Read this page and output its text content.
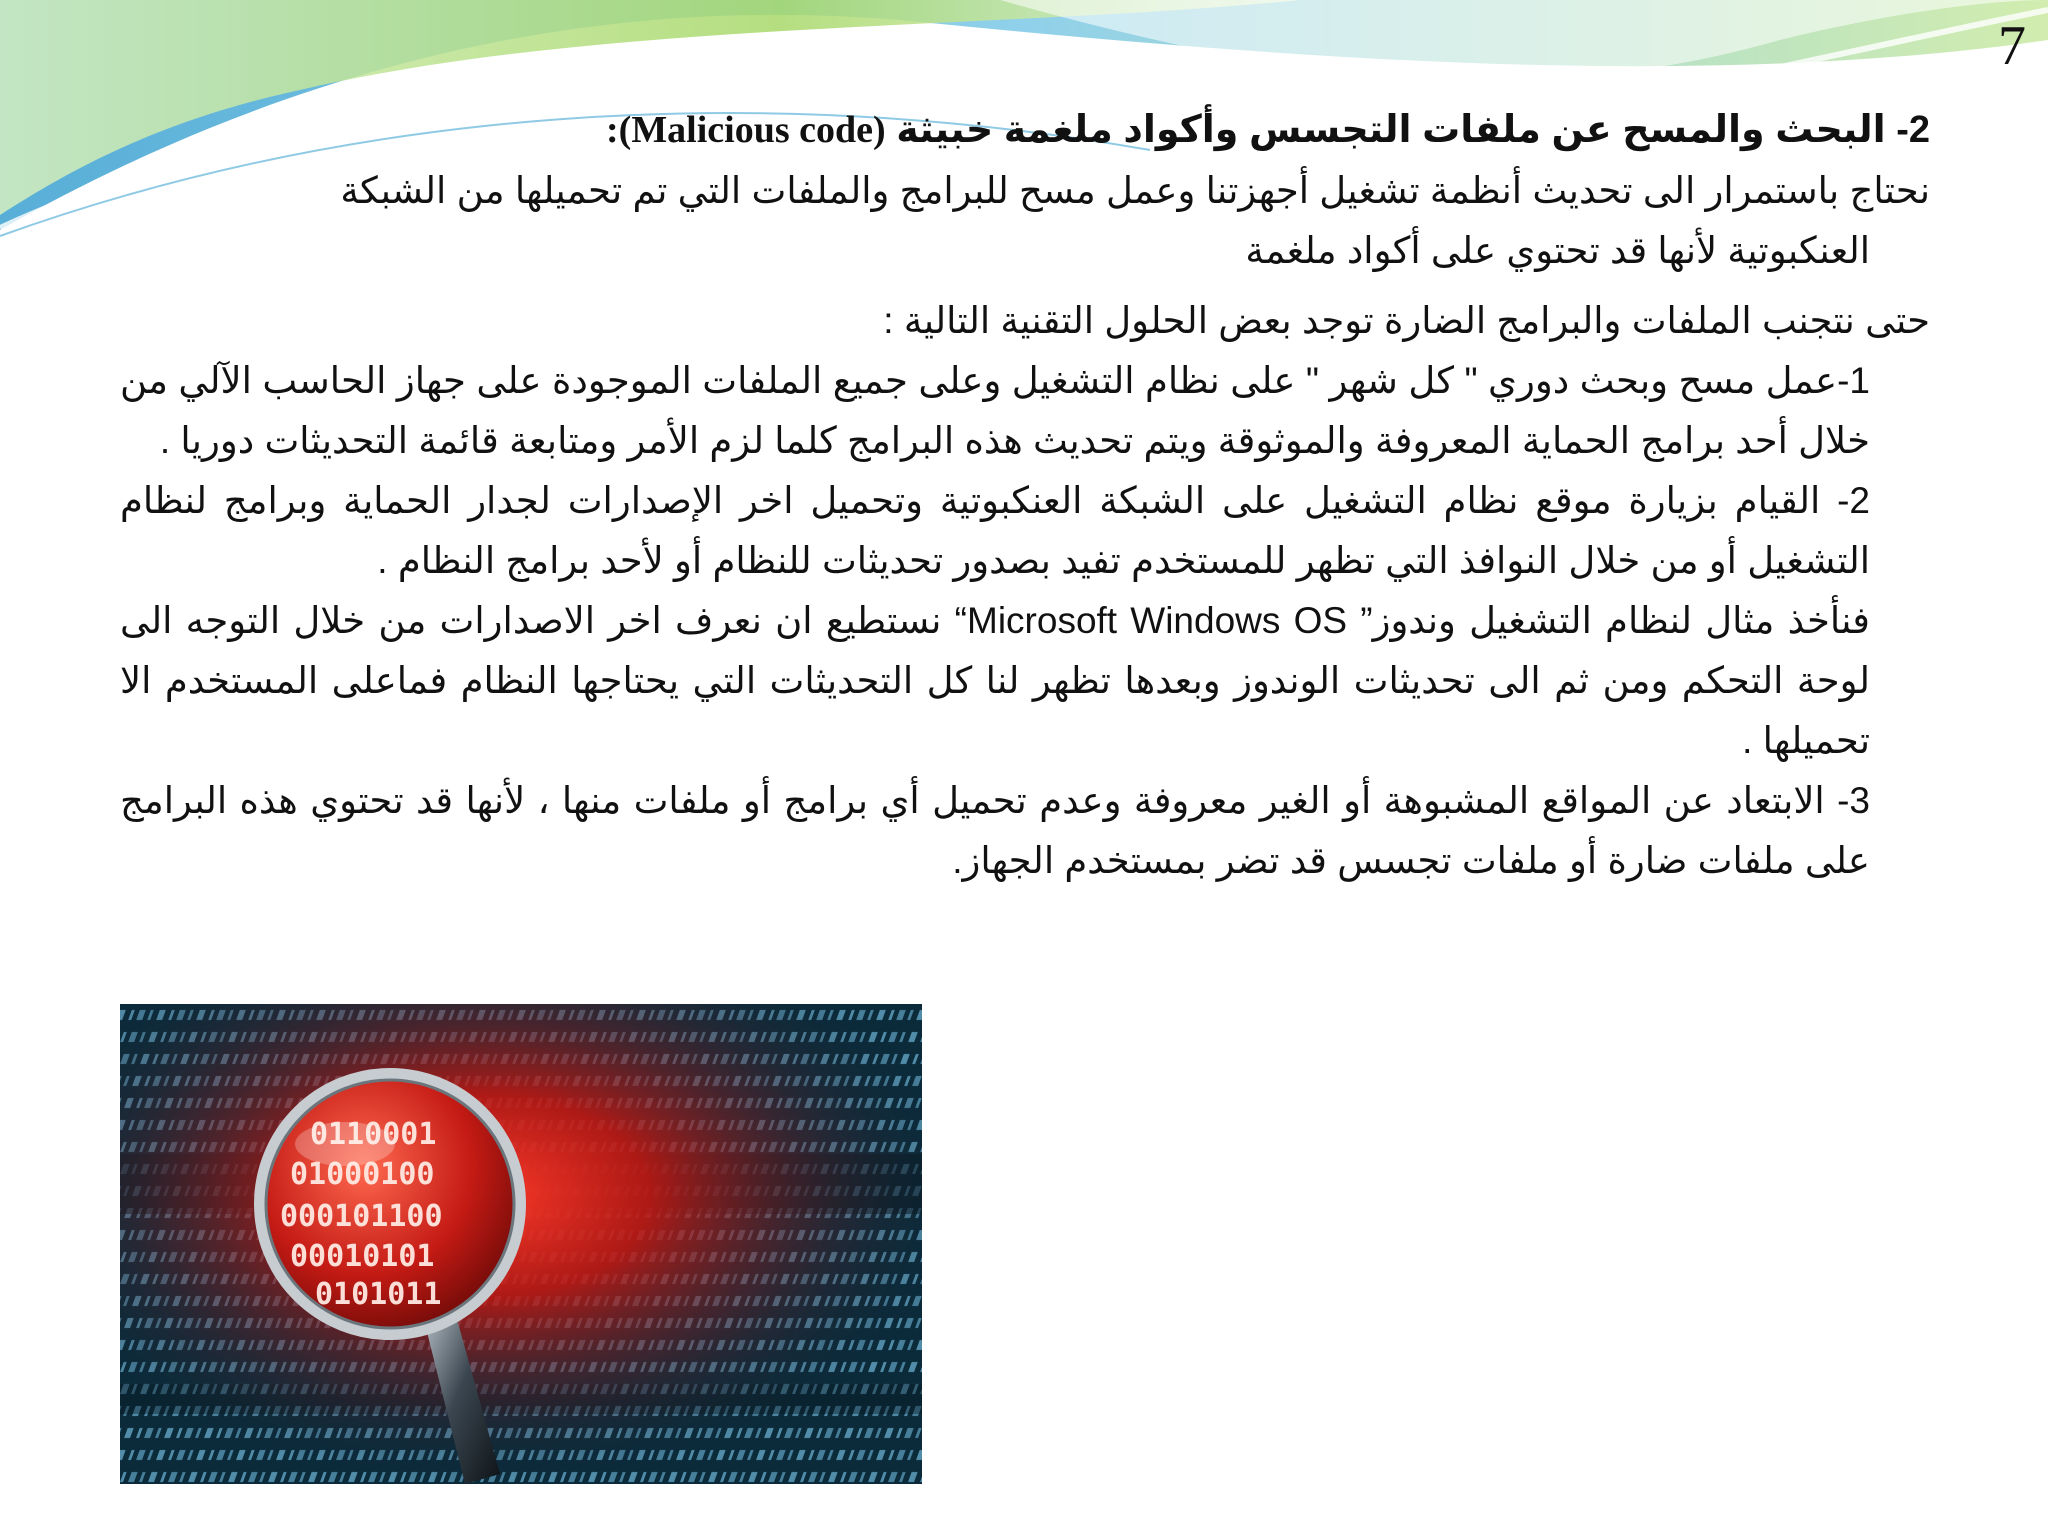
7

2- البحث والمسح عن ملفات التجسس وأكواد ملغمة خبيثة (Malicious code):

نحتاج باستمرار الى تحديث أنظمة تشغيل أجهزتنا وعمل مسح للبرامج والملفات التي تم تحميلها من الشبكة

العنكبوتية لأنها قد تحتوي على أكواد ملغمة

حتى نتجنب الملفات والبرامج الضارة توجد بعض الحلول التقنية التالية :

1-عمل مسح وبحث دوري " كل شهر " على نظام التشغيل وعلى جميع الملفات الموجودة على جهاز الحاسب الآلي من خلال أحد برامج الحماية المعروفة والموثوقة ويتم تحديث هذه البرامج كلما لزم الأمر ومتابعة قائمة التحديثات دوريا .

2- القيام بزيارة موقع نظام التشغيل على الشبكة العنكبوتية وتحميل اخر الإصدارات لجدار الحماية وبرامج لنظام التشغيل أو من خلال النوافذ التي تظهر للمستخدم تفيد بصدور تحديثات للنظام أو لأحد برامج النظام .

فنأخذ مثال لنظام التشغيل وندوز” Microsoft Windows OS“ نستطيع ان نعرف اخر الاصدارات من خلال التوجه الى لوحة التحكم ومن ثم الى تحديثات الوندوز وبعدها تظهر لنا كل التحديثات التي يحتاجها النظام فماعلى المستخدم الا تحميلها .

3- الابتعاد عن المواقع المشبوهة أو الغير معروفة وعدم تحميل أي برامج أو ملفات منها ، لأنها قد تحتوي هذه البرامج على ملفات ضارة أو ملفات تجسس قد تضر بمستخدم الجهاز.

0110001
01000100
000101100
00010101
0101011
